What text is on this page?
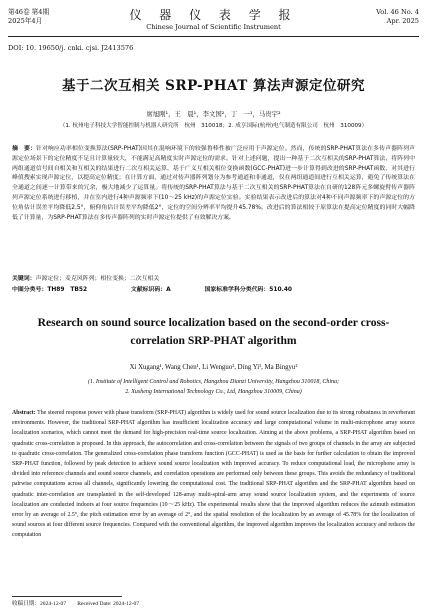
第46卷 第4期
2025年4月	仪 器 仪 表 学 报
Chinese Journal of Scientific Instrument
Vol. 46 No. 4
Apr. 2025
DOI: 10. 19650/j. cnki. cjsi. J2413576
基于二次互相关 SRP-PHAT 算法声源定位研究
席旭刚¹，王　晨¹，李文国²，丁　一¹，马贵宇²
（1. 杭州电子科技大学智能控制与机器人研究所　杭州　310018；2. 成亨国际(杭州)电气制造有限公司　杭州　310009）
摘　要：针对响应功率相位变换算法(SRP-PHAT)因其在混响环境下的较强鲁棒性被广泛应用于声源定位。然而，传统的SRP-PHAT算法在多传声器阵列声源定位场景下的定位精度不足且计算量较大，不能满足高精度实时声源定位的需求。针对上述问题，提出一种基于二次互相关的SRP-PHAT算法，将阵列中两组通道信号间自相关和互相关的结果进行二次互相关运算，基于广义互相关相位变换函数(GCC-PHAT)进一步计算得到改进的SRP-PHAT函数，对其进行峰值搜索实现声源定位，以提高定位精度；在计算方面，通过对传声器阵列划分为参考通道和非通道，仅在两组通道间进行互相关运算，避免了传统算法在全通道之间逐一计算带来的冗余，极大地减少了运算量。将传统的SRP-PHAT算法与基于二次互相关的SRP-PHAT算法在自研的128阵元多螺旋臂传声器阵列声源定位系统进行移植，并在室内进行4种声源频率下(10～25 kHz)的声源定位实验。实验结果表示改进后的算法对4种不同声源频率下的声源定位的方位角估计误差平均降低2.5°，俯仰角估计误差平均降低2°，定位的空间分辨率平均提升45.78%。改进后的算法相较于原算法在提高定位精度的同时大幅降低了计算量，为SRP-PHAT算法在多传声器阵列的实时声源定位提供了有效解决方案。
关键词：声源定位；麦克风阵列；相位变换；二次互相关
中图分类号：TH89　TB52	文献标识码：A	国家标准学科分类代码：510.40
Research on sound source localization based on the second-order cross-correlation SRP-PHAT algorithm
Xi Xugang¹, Wang Chen¹, Li Wenguo², Ding Yi¹, Ma Bingyu²
(1. Institute of Intelligent Control and Robotics, Hangzhou Dianzi University, Hangzhou 310018, China;
2. Xusheng International Technology Co., Ltd, Hangzhou 310009, China)
Abstract: The steered response power with phase transform (SRP-PHAT) algorithm is widely used for sound source localization due to its strong robustness in reverberant environments. However, the traditional SRP-PHAT algorithm has insufficient localization accuracy and large computational volume in multi-microphone array source localization scenarios, which cannot meet the demand for high-precision real-time source localization. Aiming at the above problems, a SRP-PHAT algorithm based on quadratic cross-correlation is proposed. In this approach, the autocorrelation and cross-correlation between the signals of two groups of channels in the array are subjected to quadratic cross-correlation. The generalized cross-correlation phase transform function (GCC-PHAT) is used as the basis for further calculation to obtain the improved SRP-PHAT function, followed by peak detection to achieve sound source localization with improved accuracy. To reduce computational load, the microphone array is divided into reference channels and sound source channels, and correlation operations are performed only between these groups. This avoids the redundancy of traditional pairwise computations across all channels, significantly lowering the computational cost. The traditional SRP-PHAT algorithm and the SRP-PHAT algorithm based on quadratic inter-correlation are transplanted in the self-developed 128-array multi-spiral-arm array sound source localization system, and the experiments of source localization are conducted indoors at four source frequencies (10～25 kHz). The experimental results show that the improved algorithm reduces the azimuth estimation error by an average of 2.5°, the pitch estimation error by an average of 2°, and the spatial resolution of the localization by an average of 45.78% for the localization of sound sources at four different source frequencies. Compared with the conventional algorithm, the improved algorithm improves the localization accuracy and reduces the computation
收稿日期：2024-12-07　　Received Date: 2024-12-07
